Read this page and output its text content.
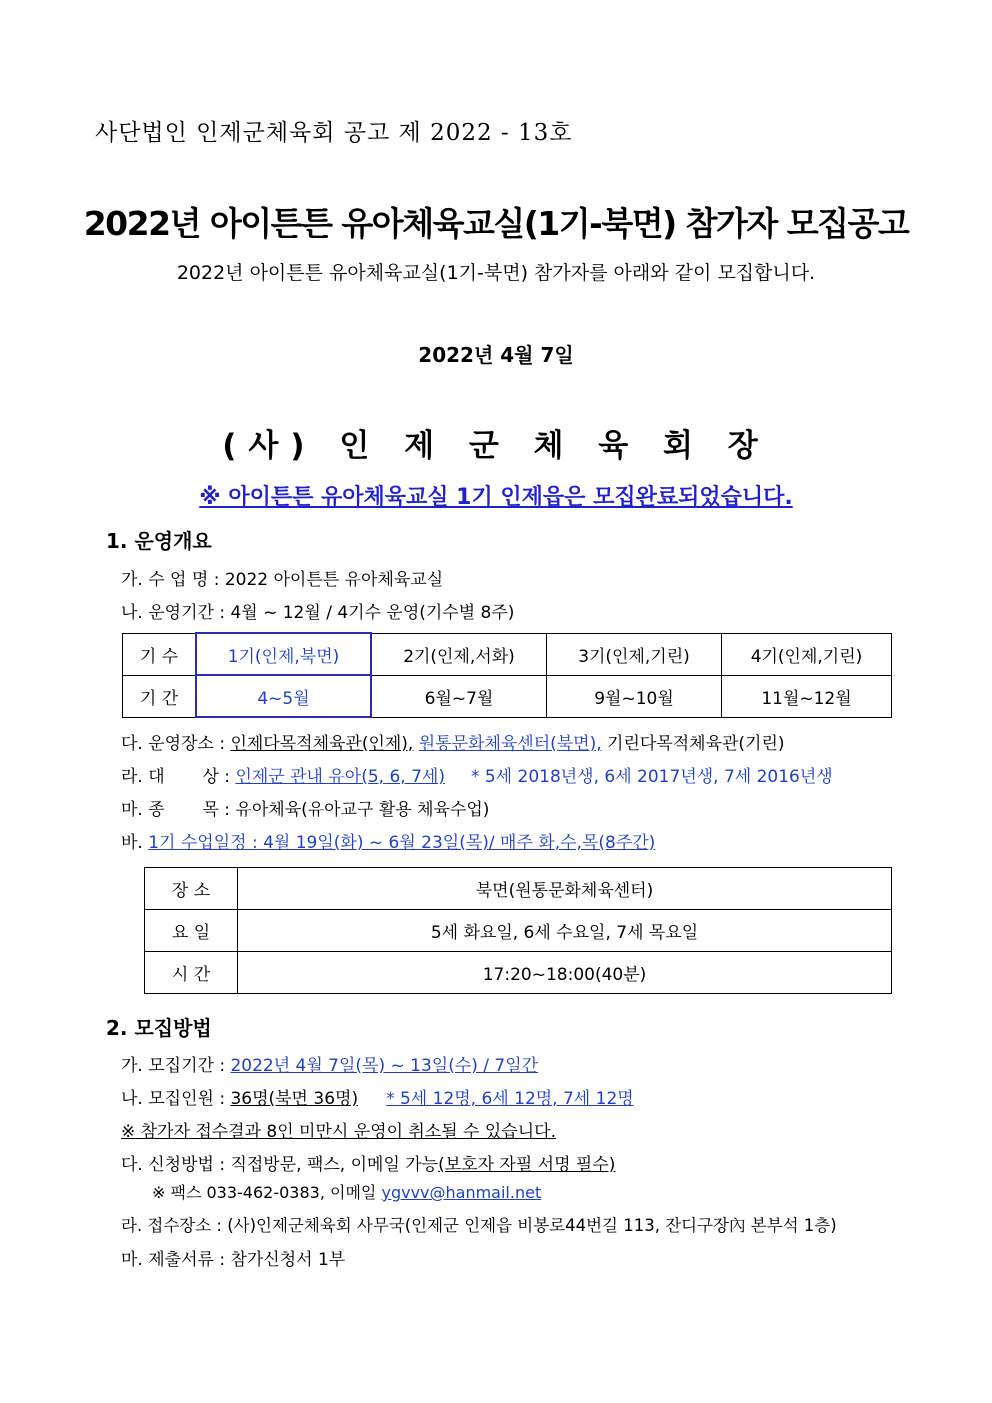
사단법인 인제군체육회 공고 제 2022 - 13호
2022년 아이튼튼 유아체육교실(1기-북면) 참가자 모집공고
2022년 아이튼튼 유아체육교실(1기-북면) 참가자를 아래와 같이 모집합니다.
2022년 4월 7일
(사) 인 제 군 체 육 회 장
※ 아이튼튼 유아체육교실 1기 인제읍은 모집완료되었습니다.
1. 운영개요
가. 수 업 명 : 2022 아이튼튼 유아체육교실
나. 운영기간 : 4월 ~ 12월 / 4기수 운영(기수별 8주)
기 수	1기(인제,북면)	2기(인제,서화)	3기(인제,기린)	4기(인제,기린)
기 간	4~5월	6월~7월	9월~10월	11월~12월
다. 운영장소 : 인제다목적체육관(인제), 원통문화체육센터(북면), 기린다목적체육관(기린)
라. 대       상 : 인제군 관내 유아(5, 6, 7세) * 5세 2018년생, 6세 2017년생, 7세 2016년생
마. 종       목 : 유아체육(유아교구 활용 체육수업)
바. 1기 수업일정 : 4월 19일(화) ~ 6월 23일(목)/ 매주 화,수,목(8주간)
장 소	북면(원통문화체육센터)
요 일	5세 화요일, 6세 수요일, 7세 목요일
시 간	17:20~18:00(40분)
2. 모집방법
가. 모집기간 : 2022년 4월 7일(목) ~ 13일(수) / 7일간
나. 모집인원 : 36명(북면 36명) * 5세 12명, 6세 12명, 7세 12명
※ 참가자 접수결과 8인 미만시 운영이 취소될 수 있습니다.
다. 신청방법 : 직접방문, 팩스, 이메일 가능(보호자 자필 서명 필수)
※ 팩스 033-462-0383, 이메일 ygvvv@hanmail.net
라. 접수장소 : (사)인제군체육회 사무국(인제군 인제읍 비봉로44번길 113, 잔디구장內 본부석 1층)
마. 제출서류 : 참가신청서 1부
